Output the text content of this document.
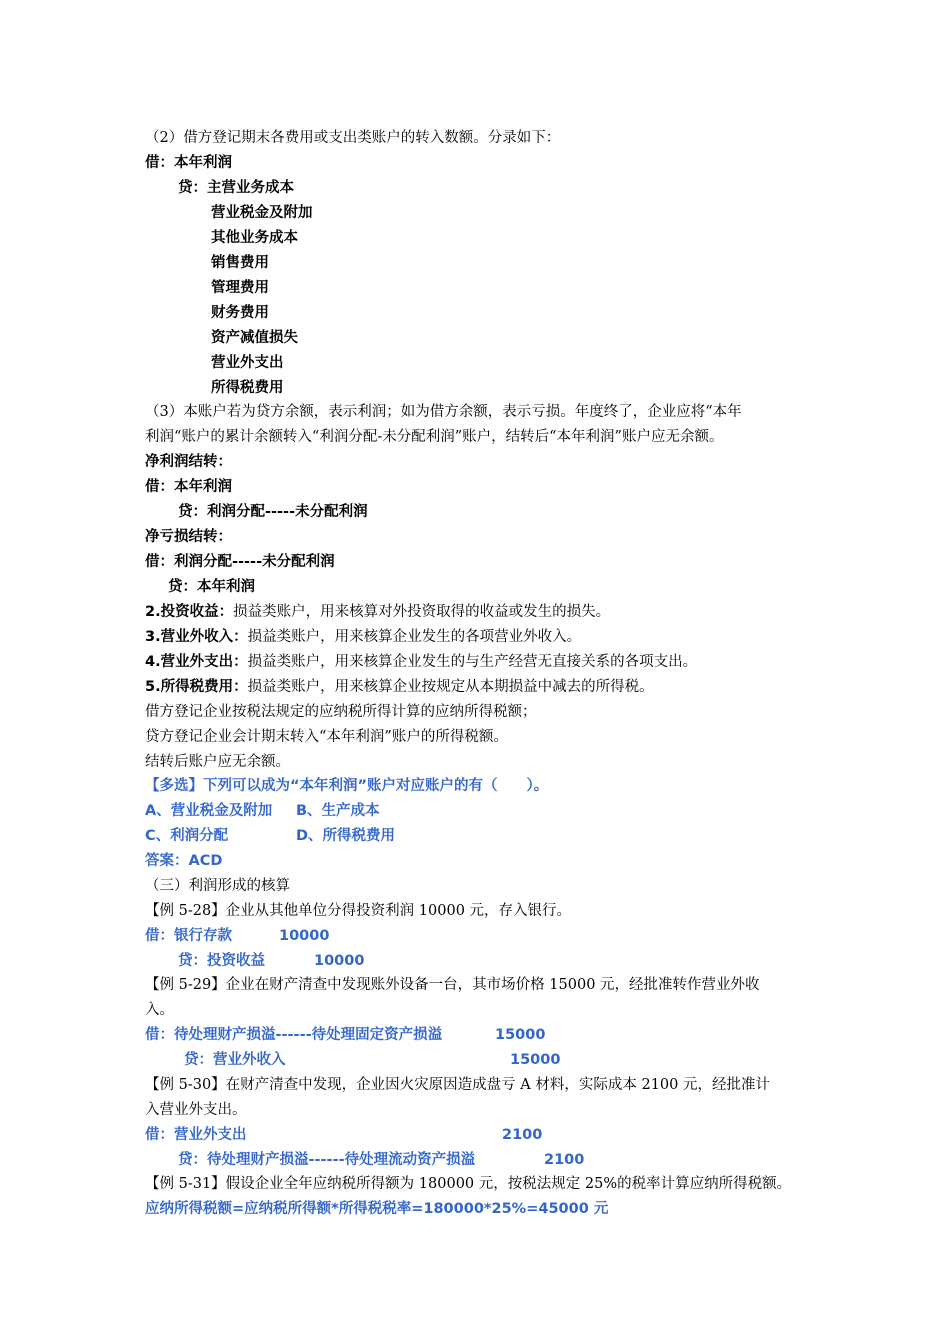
（2）借方登记期末各费用或支出类账户的转入数额。分录如下：
借：本年利润
贷：主营业务成本
营业税金及附加
其他业务成本
销售费用
管理费用
财务费用
资产减值损失
营业外支出
所得税费用
（3）本账户若为贷方余额，表示利润；如为借方余额，表示亏损。年度终了，企业应将“本年
利润“账户的累计余额转入“利润分配-未分配利润”账户，结转后“本年利润”账户应无余额。
净利润结转：
借：本年利润
贷：利润分配-----未分配利润
净亏损结转：
借：利润分配-----未分配利润
贷：本年利润
2.投资收益：损益类账户，用来核算对外投资取得的收益或发生的损失。
3.营业外收入：损益类账户，用来核算企业发生的各项营业外收入。
4.营业外支出：损益类账户，用来核算企业发生的与生产经营无直接关系的各项支出。
5.所得税费用：损益类账户，用来核算企业按规定从本期损益中减去的所得税。
借方登记企业按税法规定的应纳税所得计算的应纳所得税额；
贷方登记企业会计期末转入“本年利润”账户的所得税额。
结转后账户应无余额。
【多选】下列可以成为“本年利润”账户对应账户的有（　　）。
A、营业税金及附加 B、生产成本
C、利润分配	D、所得税费用
答案：ACD
（三）利润形成的核算
【例 5-28】企业从其他单位分得投资利润 10000 元，存入银行。
借：银行存款	10000
贷：投资收益	10000
【例 5-29】企业在财产清查中发现账外设备一台，其市场价格 15000 元，经批准转作营业外收
入。
借：待处理财产损溢------待处理固定资产损溢	15000
贷：营业外收入	15000
【例 5-30】在财产清查中发现，企业因火灾原因造成盘亏 A 材料，实际成本 2100 元，经批准计
入营业外支出。
借：营业外支出	2100
贷：待处理财产损溢------待处理流动资产损溢	2100
【例 5-31】假设企业全年应纳税所得额为 180000 元，按税法规定 25%的税率计算应纳所得税额。
应纳所得税额=应纳税所得额*所得税税率=180000*25%=45000 元
